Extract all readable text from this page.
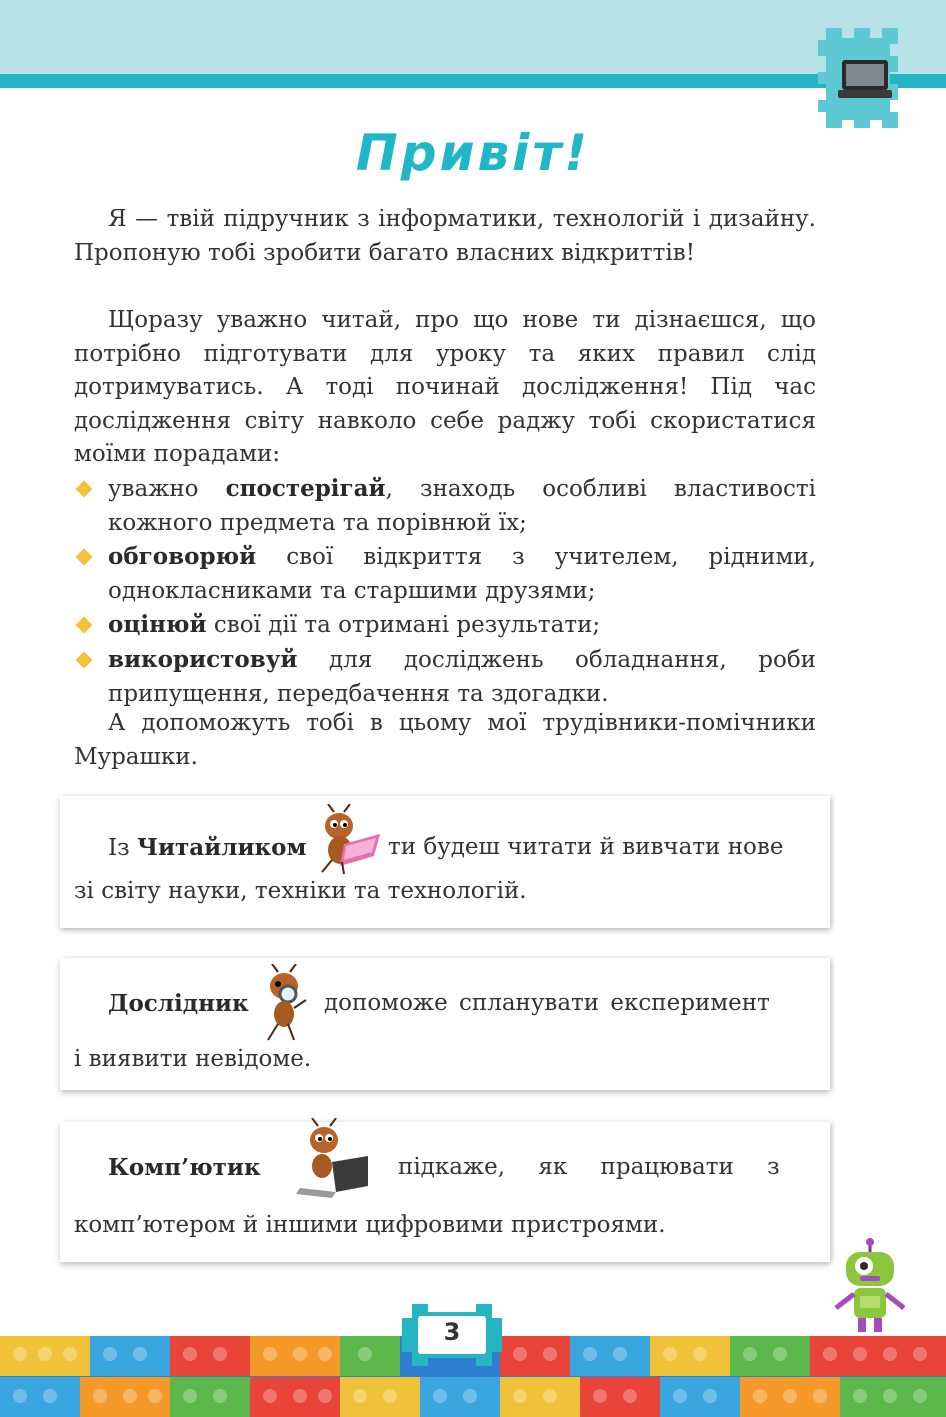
Привіт!

Я — твій підручник з інформатики, технологій і дизайну. Пропоную тобі зробити багато власних відкриттів!

Щоразу уважно читай, про що нове ти дізнаєшся, що потрібно підготувати для уроку та яких правил слід дотримуватись. А тоді починай дослідження! Під час дослідження світу навколо себе раджу тобі скористатися моїми порадами:

уважно спостерігай, знаходь особливі властивості кожного предмета та порівнюй їх;
обговорюй свої відкриття з учителем, рідними, однокласниками та старшими друзями;
оцінюй свої дії та отримані результати;
використовуй для досліджень обладнання, роби припущення, передбачення та здогадки.

А допоможуть тобі в цьому мої трудівники-помічники Мурашки.

Із Читайликом	ти будеш читати й вивчати нове
зі світу науки, техніки та технологій.
Дослідник	допоможе спланувати експеримент
і виявити невідоме.
Комп’ютик	підкаже, як працювати з
комп’ютером й іншими цифровими пристроями.
3
